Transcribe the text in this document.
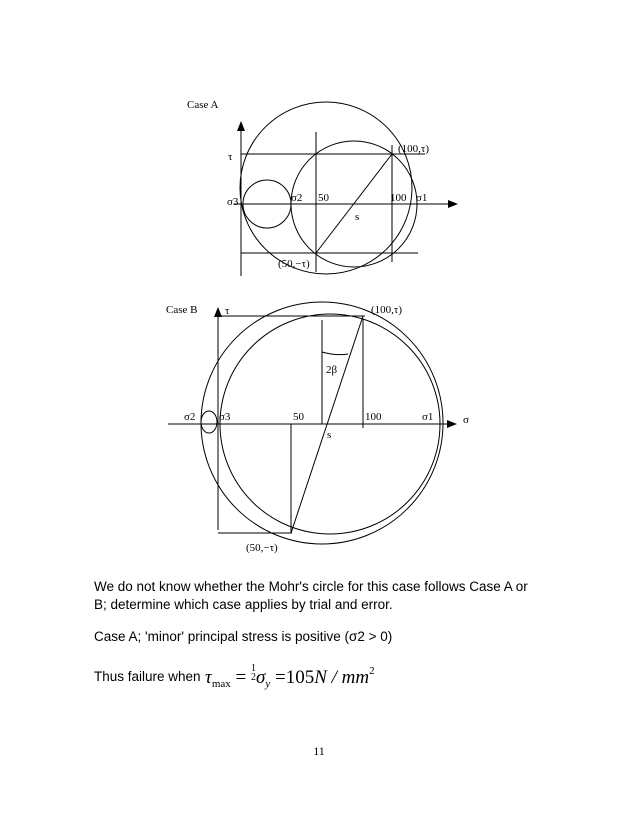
Case A
τ
(100,τ)
σ3	σ2 50	100 σ1
s
(50,−τ)
Case B	τ	(100,τ)
2β
σ2 σ3	50	100	σ1	σ
s
(50,−τ)

We do not know whether the Mohr's circle for this case follows Case A or
B; determine which case applies by trial and error.

Case A; 'minor' principal stress is positive (σ2 > 0)

Thus failure when $\tau_{max} = 1$
$2\sigma_y =105N / mm^2$
11
